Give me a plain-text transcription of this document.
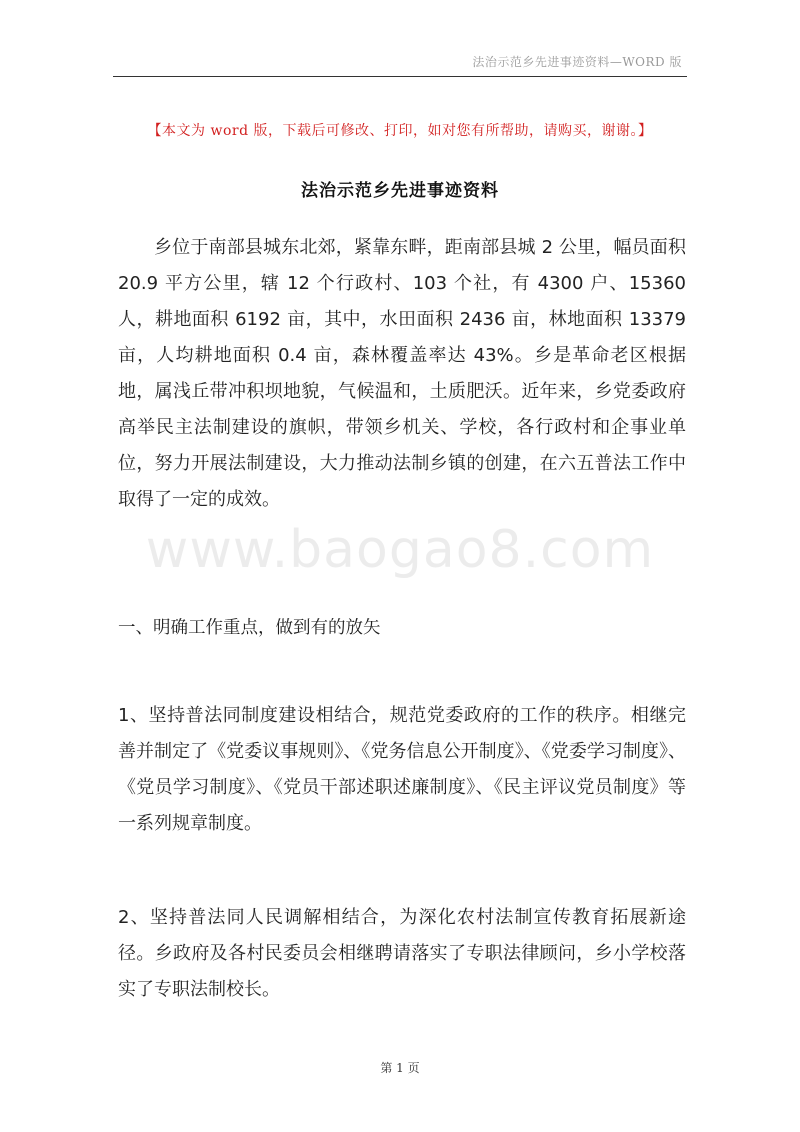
法治示范乡先进事迹资料—WORD 版
【本文为 word 版，下载后可修改、打印，如对您有所帮助，请购买，谢谢。】
法治示范乡先进事迹资料
乡位于南部县城东北郊，紧靠东畔，距南部县城 2 公里，幅员面积 20.9 平方公里，辖 12 个行政村、103 个社，有 4300 户、15360 人，耕地面积 6192 亩，其中，水田面积 2436 亩，林地面积 13379 亩，人均耕地面积 0.4 亩，森林覆盖率达 43%。乡是革命老区根据地，属浅丘带冲积坝地貌，气候温和，土质肥沃。近年来，乡党委政府高举民主法制建设的旗帜，带领乡机关、学校，各行政村和企事业单位，努力开展法制建设，大力推动法制乡镇的创建，在六五普法工作中取得了一定的成效。
www.baogao8.com
一、明确工作重点，做到有的放矢
1、坚持普法同制度建设相结合，规范党委政府的工作的秩序。相继完善并制定了《党委议事规则》、《党务信息公开制度》、《党委学习制度》、《党员学习制度》、《党员干部述职述廉制度》、《民主评议党员制度》等一系列规章制度。
2、坚持普法同人民调解相结合，为深化农村法制宣传教育拓展新途径。乡政府及各村民委员会相继聘请落实了专职法律顾问，乡小学校落实了专职法制校长。
第 1 页
